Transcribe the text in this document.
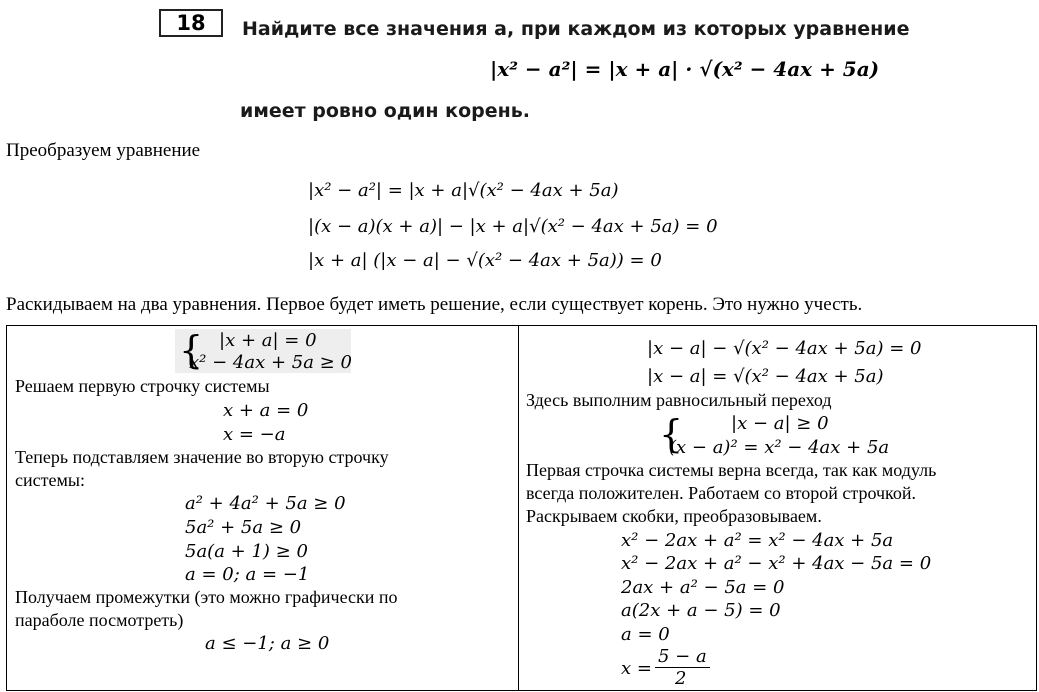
18	Найдите все значения a, при каждом из которых уравнение
|x² − a²| = |x + a| · √(x² − 4ax + 5a)
имеет ровно один корень.
Преобразуем уравнение
|x² − a²| = |x + a|√(x² − 4ax + 5a)
|(x − a)(x + a)| − |x + a|√(x² − 4ax + 5a) = 0
|x + a| (|x − a| − √(x² − 4ax + 5a)) = 0
Раскидываем на два уравнения. Первое будет иметь решение, если существует корень. Это нужно учесть.
{ |x + a| = 0
x² − 4ax + 5a ≥ 0
Решаем первую строчку системы
x + a = 0
x = −a
Теперь подставляем значение во вторую строчку
системы:
a² + 4a² + 5a ≥ 0
5a² + 5a ≥ 0
5a(a + 1) ≥ 0
a = 0; a = −1
Получаем промежутки (это можно графически по
параболе посмотреть)
a ≤ −1; a ≥ 0

|x − a| − √(x² − 4ax + 5a) = 0
|x − a| = √(x² − 4ax + 5a)
Здесь выполним равносильный переход
{	|x − a| ≥ 0
(x − a)² = x² − 4ax + 5a
Первая строчка системы верна всегда, так как модуль
всегда положителен. Работаем со второй строчкой.
Раскрываем скобки, преобразовываем.
x² − 2ax + a² = x² − 4ax + 5a
x² − 2ax + a² − x² + 4ax − 5a = 0
2ax + a² − 5a = 0
a(2x + a − 5) = 0
a = 0
x =
5 − a
2
